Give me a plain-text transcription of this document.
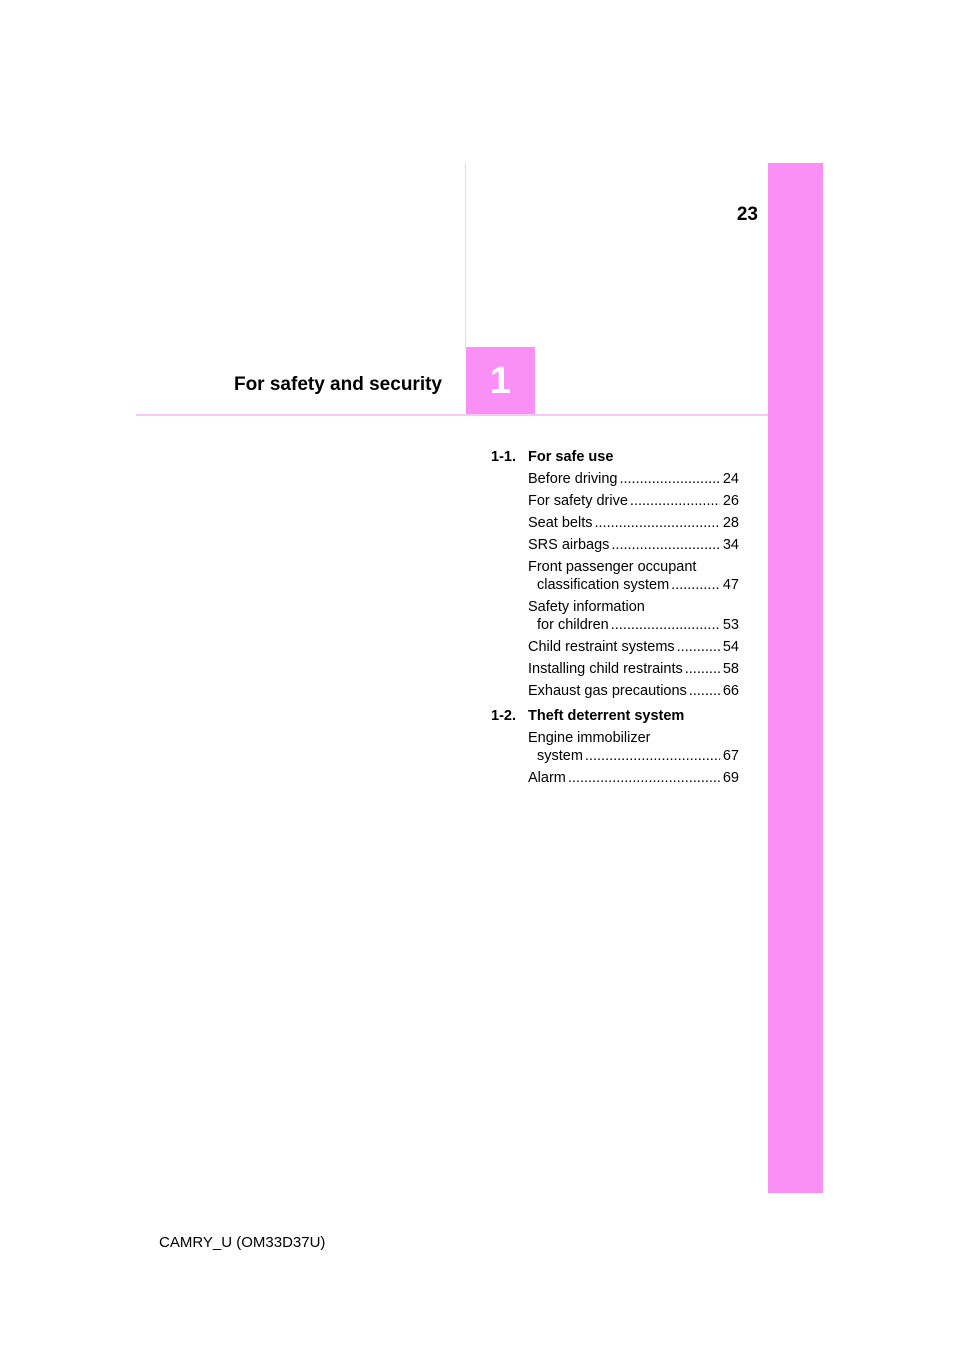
23
For safety and security 1
1-1. For safe use
Before driving .....	24
For safety drive .....	26
Seat belts .....	28
SRS airbags .....	34
Front passenger occupant
classification system .....	47
Safety information
for children .....	53
Child restraint systems .....	54
Installing child restraints .....	58
Exhaust gas precautions ..... 66
1-2. Theft deterrent system
Engine immobilizer
system .....	67
Alarm .....	69
CAMRY_U (OM33D37U)
